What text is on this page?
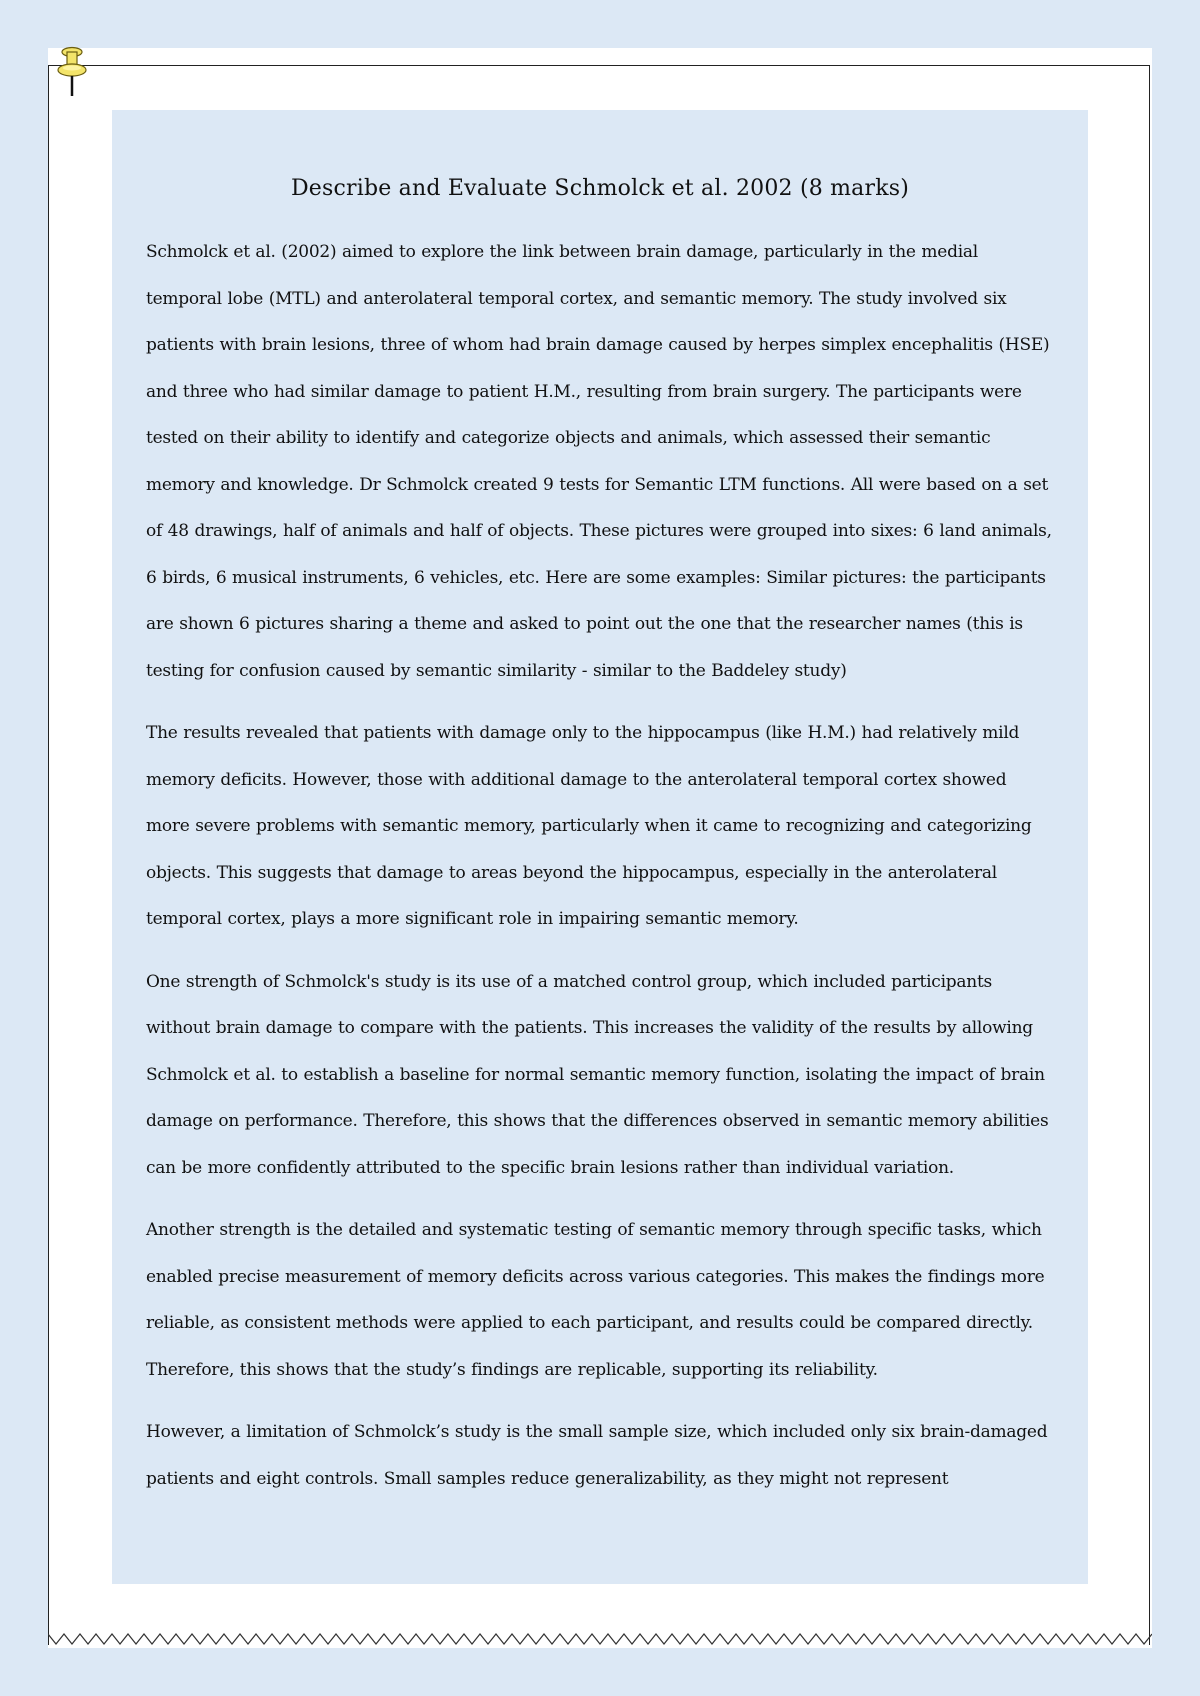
Describe and Evaluate Schmolck et al. 2002 (8 marks)

Schmolck et al. (2002) aimed to explore the link between brain damage, particularly in the medial temporal lobe (MTL) and anterolateral temporal cortex, and semantic memory. The study involved six patients with brain lesions, three of whom had brain damage caused by herpes simplex encephalitis (HSE) and three who had similar damage to patient H.M., resulting from brain surgery. The participants were tested on their ability to identify and categorize objects and animals, which assessed their semantic memory and knowledge. Dr Schmolck created 9 tests for Semantic LTM functions. All were based on a set of 48 drawings, half of animals and half of objects. These pictures were grouped into sixes: 6 land animals, 6 birds, 6 musical instruments, 6 vehicles, etc. Here are some examples: Similar pictures: the participants are shown 6 pictures sharing a theme and asked to point out the one that the researcher names (this is testing for confusion caused by semantic similarity - similar to the Baddeley study)

The results revealed that patients with damage only to the hippocampus (like H.M.) had relatively mild memory deficits. However, those with additional damage to the anterolateral temporal cortex showed more severe problems with semantic memory, particularly when it came to recognizing and categorizing objects. This suggests that damage to areas beyond the hippocampus, especially in the anterolateral temporal cortex, plays a more significant role in impairing semantic memory.

One strength of Schmolck's study is its use of a matched control group, which included participants without brain damage to compare with the patients. This increases the validity of the results by allowing Schmolck et al. to establish a baseline for normal semantic memory function, isolating the impact of brain damage on performance. Therefore, this shows that the differences observed in semantic memory abilities can be more confidently attributed to the specific brain lesions rather than individual variation.

Another strength is the detailed and systematic testing of semantic memory through specific tasks, which enabled precise measurement of memory deficits across various categories. This makes the findings more reliable, as consistent methods were applied to each participant, and results could be compared directly. Therefore, this shows that the study’s findings are replicable, supporting its reliability.

However, a limitation of Schmolck’s study is the small sample size, which included only six brain-damaged patients and eight controls. Small samples reduce generalizability, as they might not represent
